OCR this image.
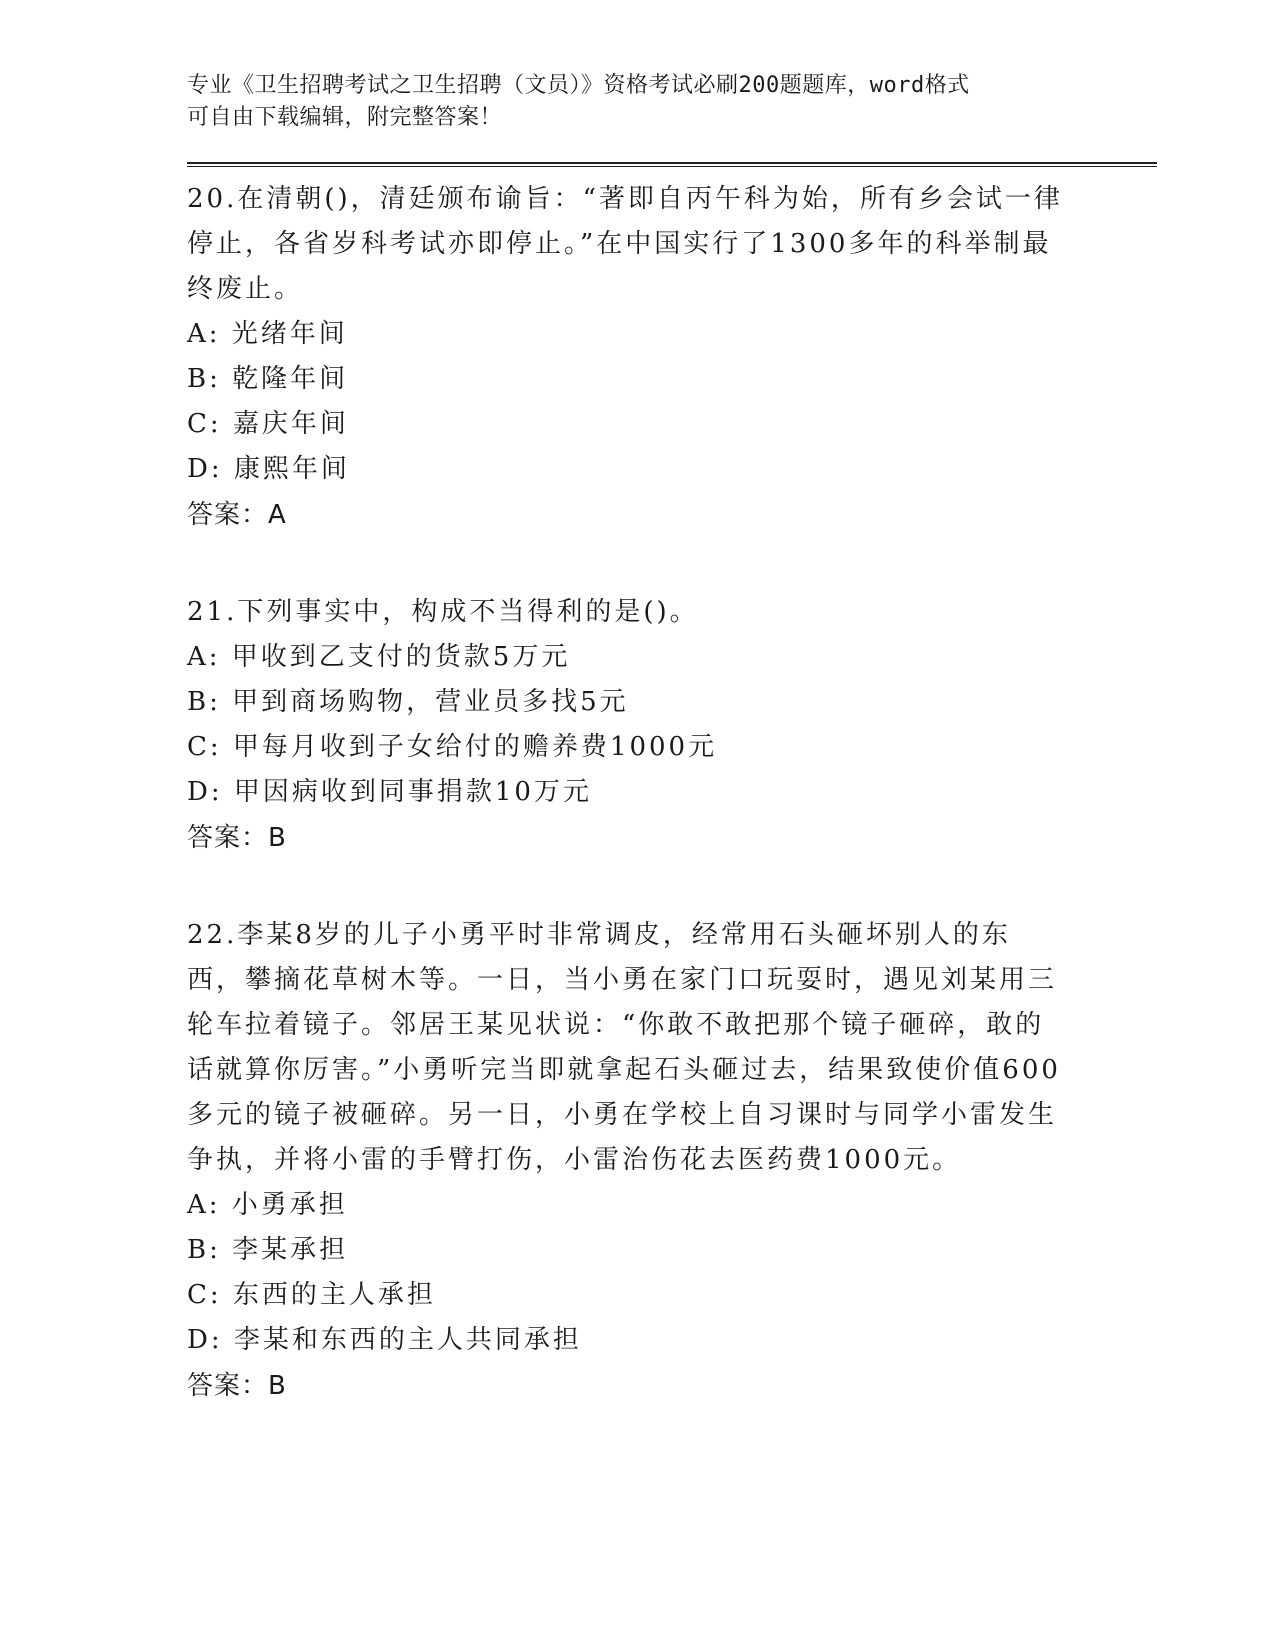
专业《卫生招聘考试之卫生招聘（文员）》资格考试必刷200题题库，word格式
可自由下载编辑，附完整答案！
20.在清朝()，清廷颁布谕旨：“著即自丙午科为始，所有乡会试一律停止，各省岁科考试亦即停止。”在中国实行了1300多年的科举制最终废止。
A: 光绪年间
B: 乾隆年间
C: 嘉庆年间
D: 康熙年间
答案：A
21.下列事实中，构成不当得利的是()。
A: 甲收到乙支付的货款5万元
B: 甲到商场购物，营业员多找5元
C: 甲每月收到子女给付的赡养费1000元
D: 甲因病收到同事捐款10万元
答案：B
22.李某8岁的儿子小勇平时非常调皮，经常用石头砸坏别人的东西，攀摘花草树木等。一日，当小勇在家门口玩耍时，遇见刘某用三轮车拉着镜子。邻居王某见状说：“你敢不敢把那个镜子砸碎，敢的话就算你厉害。”小勇听完当即就拿起石头砸过去，结果致使价值600多元的镜子被砸碎。另一日，小勇在学校上自习课时与同学小雷发生争执，并将小雷的手臂打伤，小雷治伤花去医药费1000元。
A: 小勇承担
B: 李某承担
C: 东西的主人承担
D: 李某和东西的主人共同承担
答案：B
